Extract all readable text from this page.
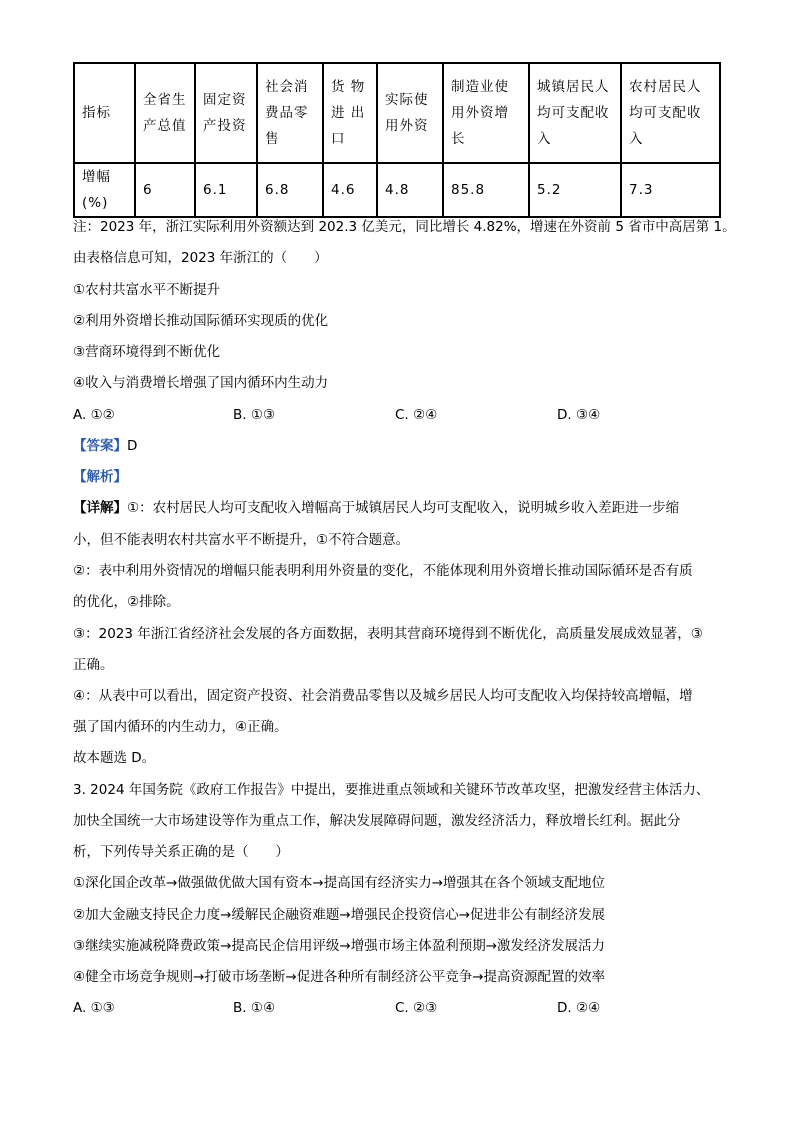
指标	全省生产总值	固定资产投资	社会消费品零售	货 物 进 出 口	实际使用外资	制造业使用外资增长	城镇居民人均可支配收入	农村居民人均可支配收入
增幅(%)	6	6.1	6.8	4.6	4.8	85.8	5.2	7.3
注：2023 年，浙江实际利用外资额达到 202.3 亿美元，同比增长 4.82%，增速在外资前 5 省市中高居第 1。
由表格信息可知，2023 年浙江的（　　）
①农村共富水平不断提升
②利用外资增长推动国际循环实现质的优化
③营商环境得到不断优化
④收入与消费增长增强了国内循环内生动力
A. ①②	B. ①③	C. ②④	D. ③④
【答案】D
【解析】
【详解】①：农村居民人均可支配收入增幅高于城镇居民人均可支配收入，说明城乡收入差距进一步缩
小，但不能表明农村共富水平不断提升，①不符合题意。
②：表中利用外资情况的增幅只能表明利用外资量的变化，不能体现利用外资增长推动国际循环是否有质
的优化，②排除。
③：2023 年浙江省经济社会发展的各方面数据，表明其营商环境得到不断优化，高质量发展成效显著，③
正确。
④：从表中可以看出，固定资产投资、社会消费品零售以及城乡居民人均可支配收入均保持较高增幅，增
强了国内循环的内生动力，④正确。
故本题选 D。
3. 2024 年国务院《政府工作报告》中提出，要推进重点领域和关键环节改革攻坚，把激发经营主体活力、
加快全国统一大市场建设等作为重点工作，解决发展障碍问题，激发经济活力，释放增长红利。据此分
析，下列传导关系正确的是（　　）
①深化国企改革→做强做优做大国有资本→提高国有经济实力→增强其在各个领域支配地位
②加大金融支持民企力度→缓解民企融资难题→增强民企投资信心→促进非公有制经济发展
③继续实施减税降费政策→提高民企信用评级→增强市场主体盈利预期→激发经济发展活力
④健全市场竞争规则→打破市场垄断→促进各种所有制经济公平竞争→提高资源配置的效率
A. ①③	B. ①④	C. ②③	D. ②④
